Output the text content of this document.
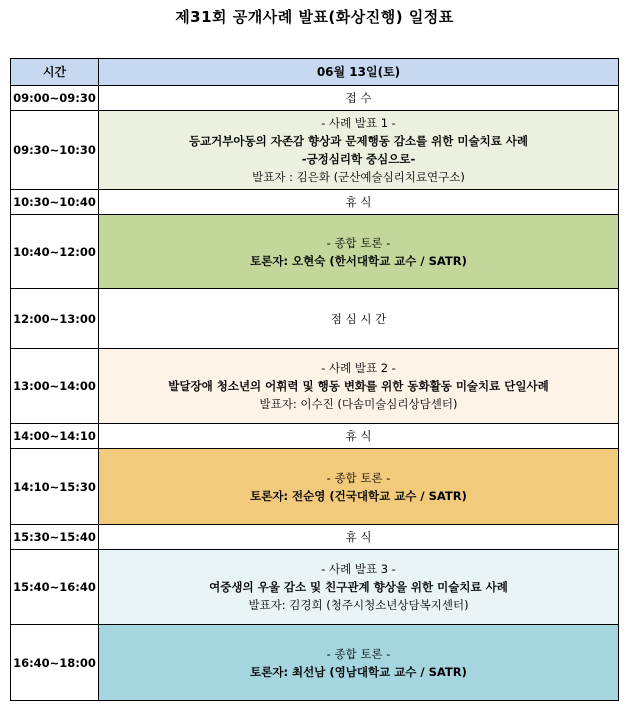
제31회 공개사례 발표(화상진행) 일정표
시간	06월 13일(토)
09:00~09:30	접 수

09:30~10:30	- 사례 발표 1 -
등교거부아동의 자존감 향상과 문제행동 감소를 위한 미술치료 사례
-긍정심리학 중심으로-
발표자 : 김은화 (군산예술심리치료연구소)

10:30~10:40	휴 식

10:40~12:00	- 종합 토론 -
토론자: 오현숙 (한서대학교 교수 / SATR)

12:00~13:00	점 심 시 간

13:00~14:00	- 사례 발표 2 -
발달장애 청소년의 어휘력 및 행동 변화를 위한 동화활동 미술치료 단일사례
발표자: 이수진 (다솜미술심리상담센터)

14:00~14:10	휴 식

14:10~15:30	- 종합 토론 -
토론자: 전순영 (건국대학교 교수 / SATR)

15:30~15:40	휴 식

15:40~16:40	- 사례 발표 3 -
여중생의 우울 감소 및 친구관계 향상을 위한 미술치료 사례
발표자: 김경희 (청주시청소년상담복지센터)

16:40~18:00	- 종합 토론 -
토론자: 최선남 (영남대학교 교수 / SATR)
